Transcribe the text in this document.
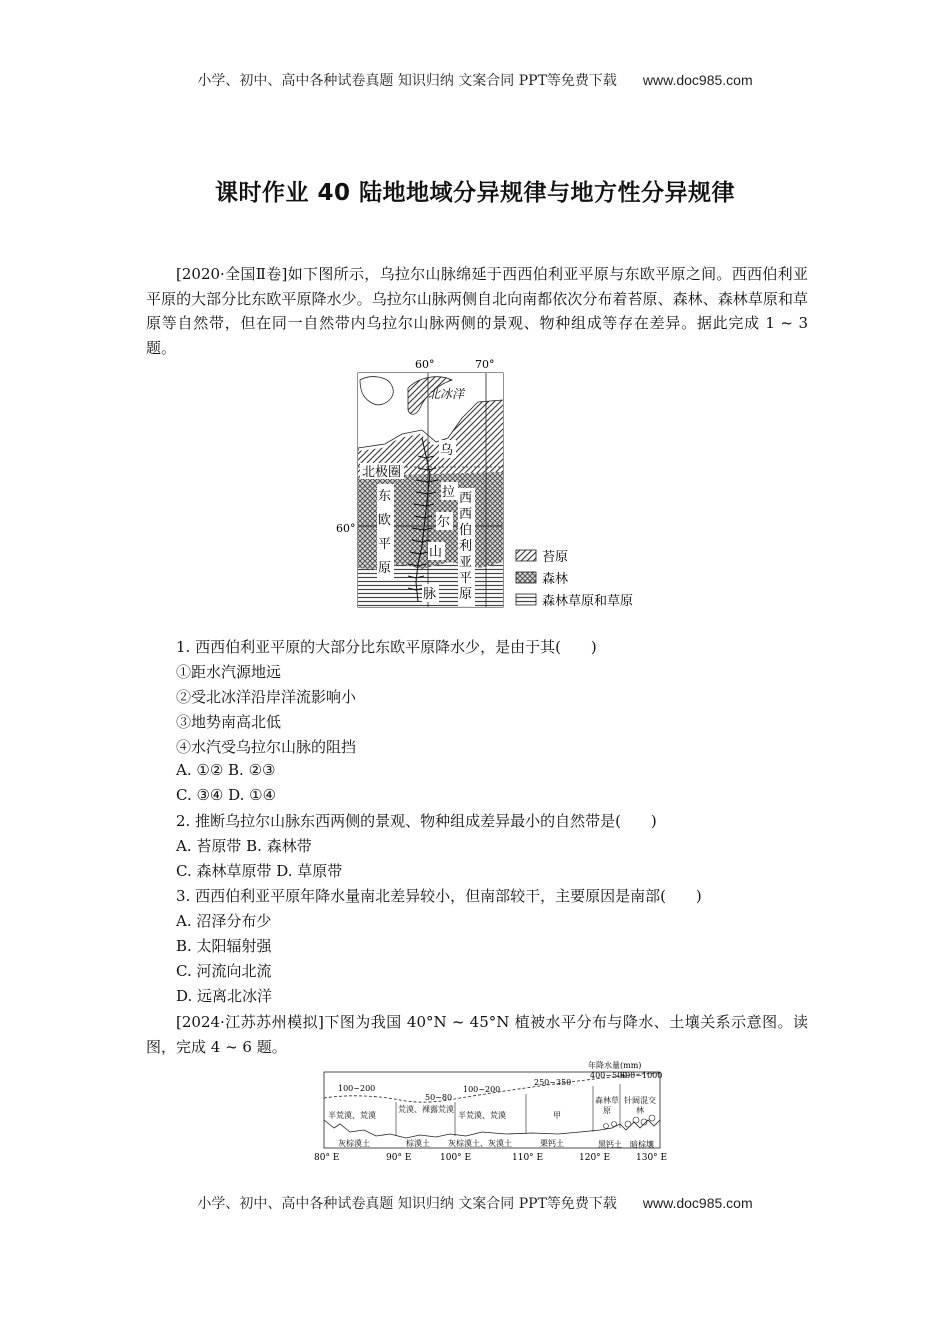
小学、初中、高中各种试卷真题 知识归纳 文案合同 PPT等免费下载 www.doc985.com
课时作业 40 陆地地域分异规律与地方性分异规律
[2020·全国Ⅱ卷]如下图所示，乌拉尔山脉绵延于西西伯利亚平原与东欧平原之间。西西伯利亚平原的大部分比东欧平原降水少。乌拉尔山脉两侧自北向南都依次分布着苔原、森林、森林草原和草原等自然带，但在同一自然带内乌拉尔山脉两侧的景观、物种组成等存在差异。据此完成 1 ~ 3 题。
60°	70°
60°
北冰洋
北极圈
东
欧
平
原
乌
拉
尔
山
脉
西
西
伯
利
亚
平
原
苔原
森林
森林草原和草原
1. 西西伯利亚平原的大部分比东欧平原降水少，是由于其(　　)
①距水汽源地远
②受北冰洋沿岸洋流影响小
③地势南高北低
④水汽受乌拉尔山脉的阻挡
A. ①② B. ②③
C. ③④ D. ①④
2. 推断乌拉尔山脉东西两侧的景观、物种组成差异最小的自然带是(　　)
A. 苔原带 B. 森林带
C. 森林草原带 D. 草原带
3. 西西伯利亚平原年降水量南北差异较小，但南部较干，主要原因是南部(　　)
A. 沼泽分布少
B. 太阳辐射强
C. 河流向北流
D. 远离北冰洋
[2024·江苏苏州模拟]下图为我国 40°N ~ 45°N 植被水平分布与降水、土壤关系示意图。读图，完成 4 ~ 6 题。
年降水量(mm)
100~200
50~80
100~200
250~350
400~500
600~1000
半荒漠、荒漠
荒漠、裸露荒漠
半荒漠、荒漠	甲
森林草原
针阔混交林
灰棕漠土	棕漠土 灰棕漠土、灰漠土	栗钙土	黑钙土 暗棕壤
80° E	90° E	100° E	110° E	120° E	130° E
小学、初中、高中各种试卷真题 知识归纳 文案合同 PPT等免费下载 www.doc985.com
